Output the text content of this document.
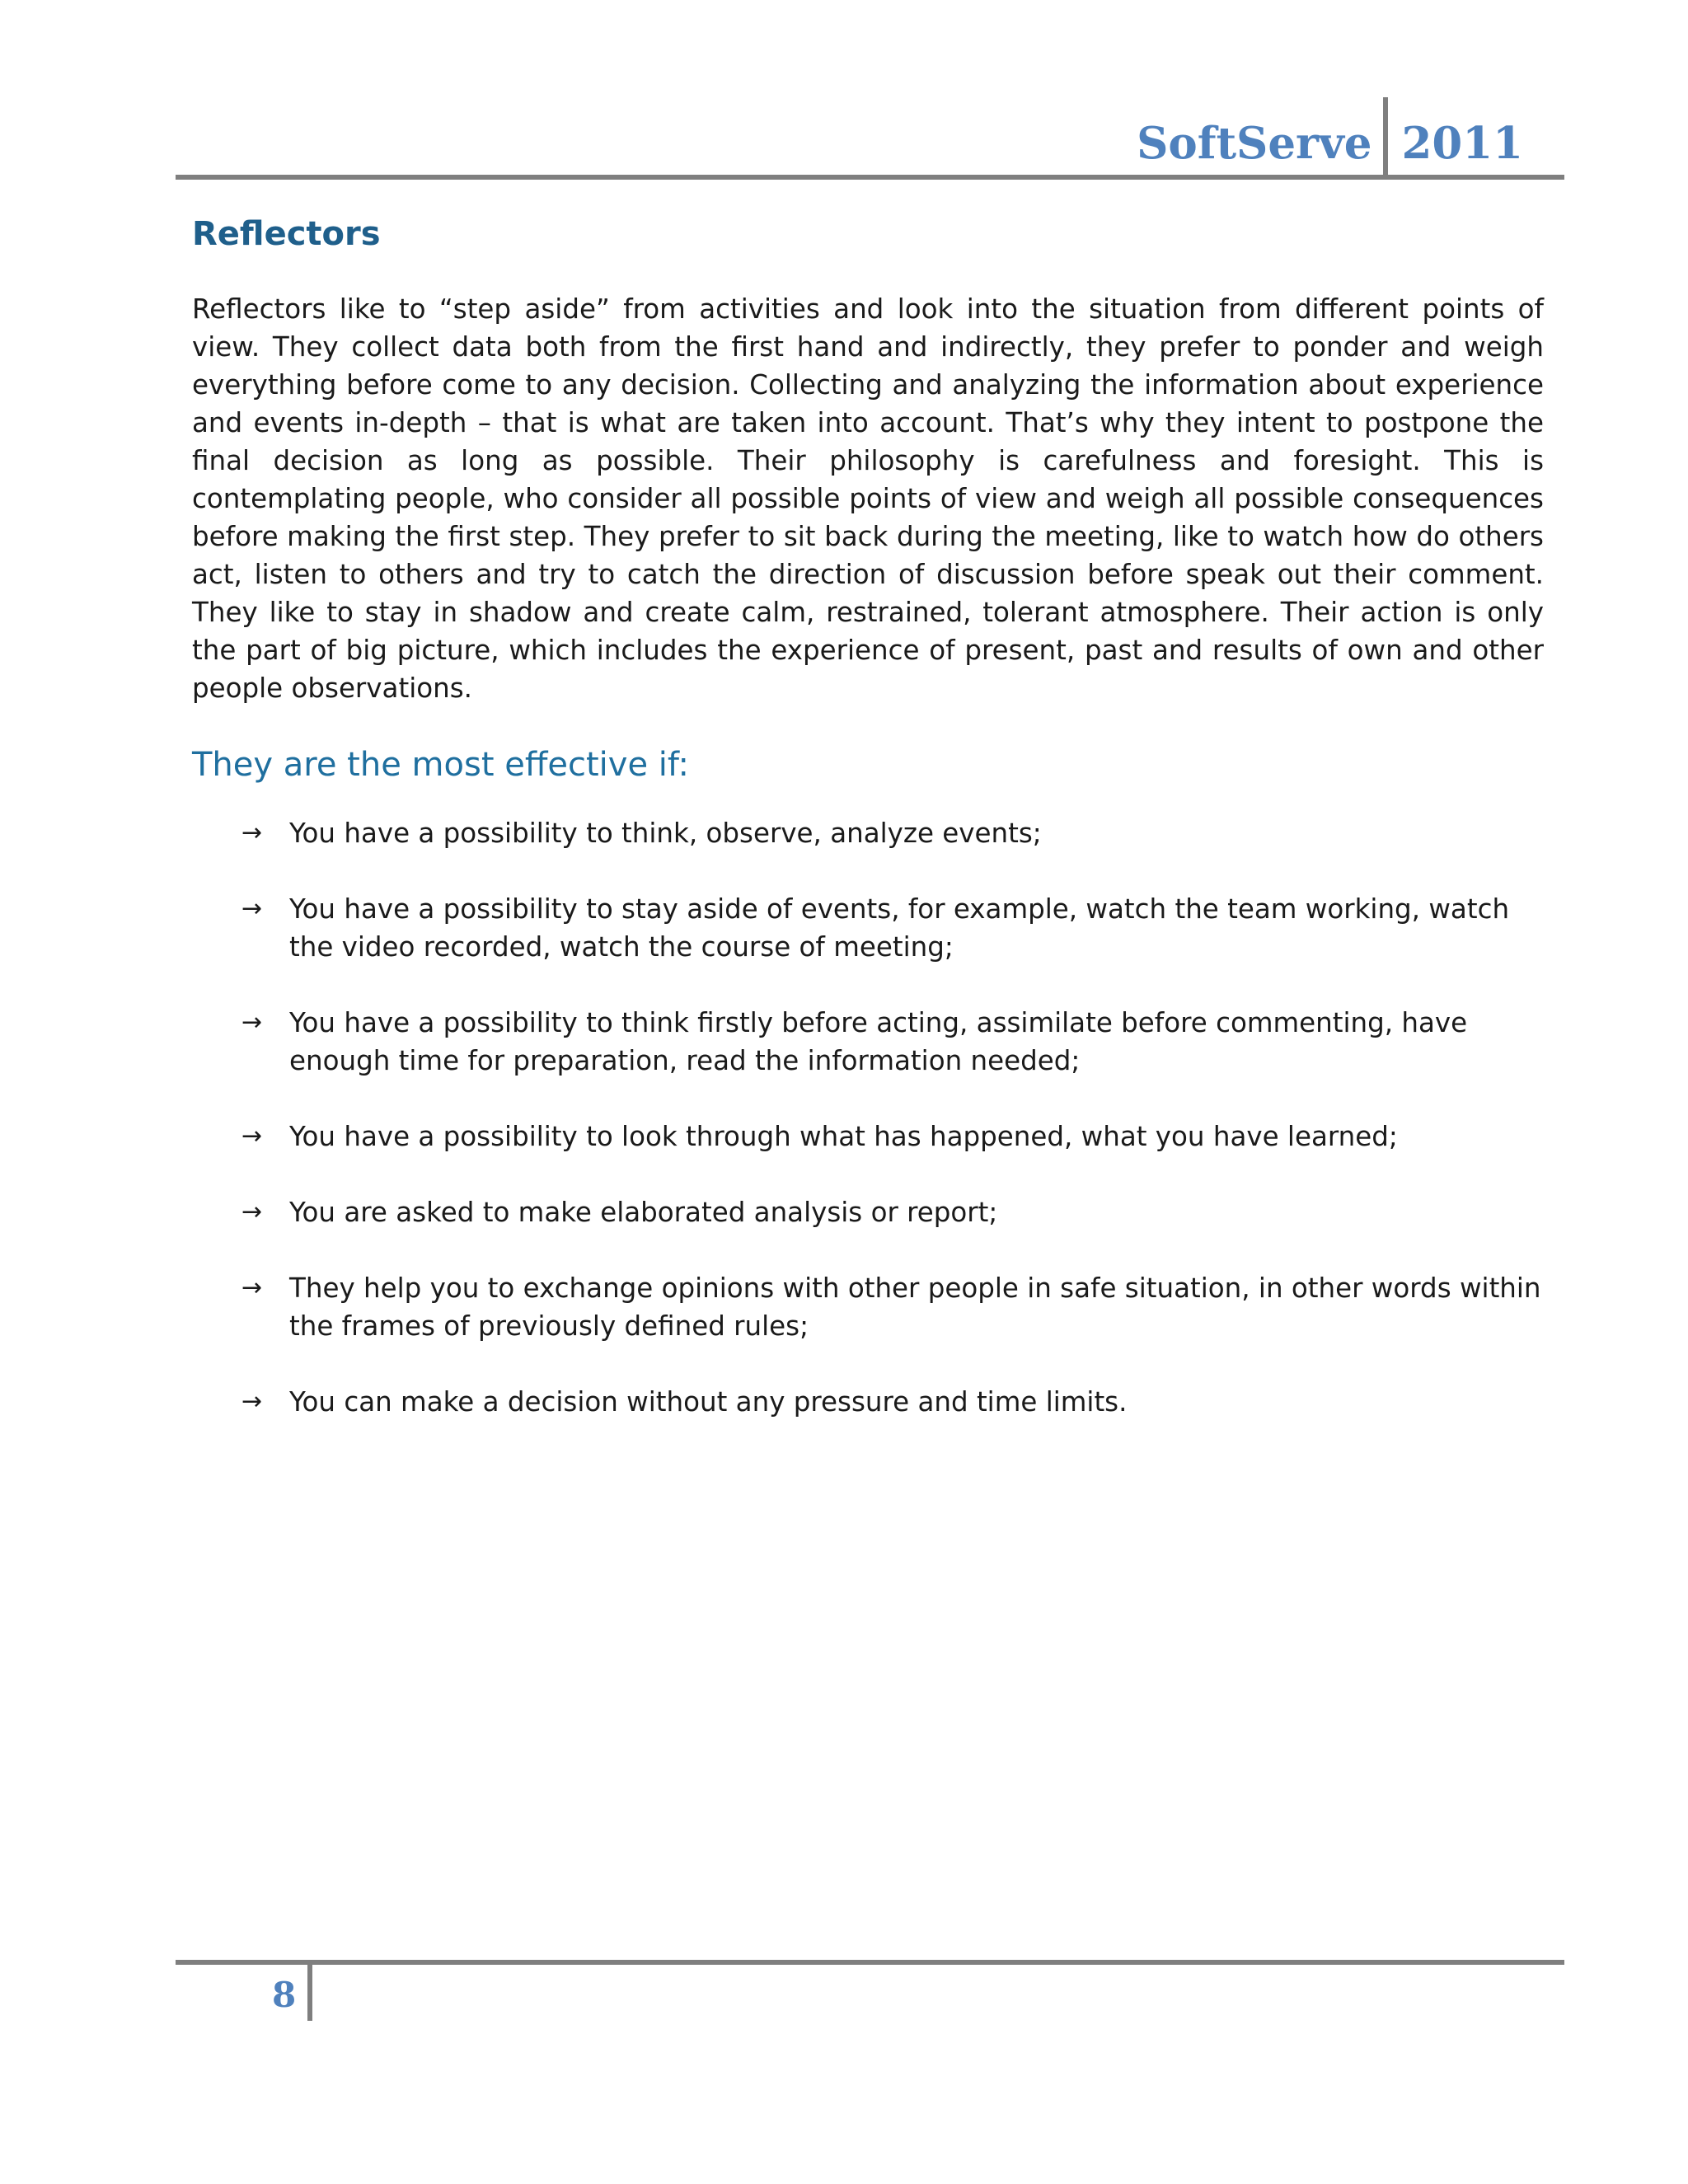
SoftServe 2011
Reflectors

Reflectors like to “step aside” from activities and look into the situation from different points of view. They collect data both from the first hand and indirectly, they prefer to ponder and weigh everything before come to any decision. Collecting and analyzing the information about experience and events in-depth – that is what are taken into account. That’s why they intent to postpone the final decision as long as possible. Their philosophy is carefulness and foresight. This is contemplating people, who consider all possible points of view and weigh all possible consequences before making the first step. They prefer to sit back during the meeting, like to watch how do others act, listen to others and try to catch the direction of discussion before speak out their comment. They like to stay in shadow and create calm, restrained, tolerant atmosphere. Their action is only the part of big picture, which includes the experience of present, past and results of own and other people observations.

They are the most effective if:
→ You have a possibility to think, observe, analyze events;
→ You have a possibility to stay aside of events, for example, watch the team working, watch the video recorded, watch the course of meeting;
→ You have a possibility to think firstly before acting, assimilate before commenting, have enough time for preparation, read the information needed;
→ You have a possibility to look through what has happened, what you have learned;
→ You are asked to make elaborated analysis or report;
→ They help you to exchange opinions with other people in safe situation, in other words within the frames of previously defined rules;
→ You can make a decision without any pressure and time limits.
8
